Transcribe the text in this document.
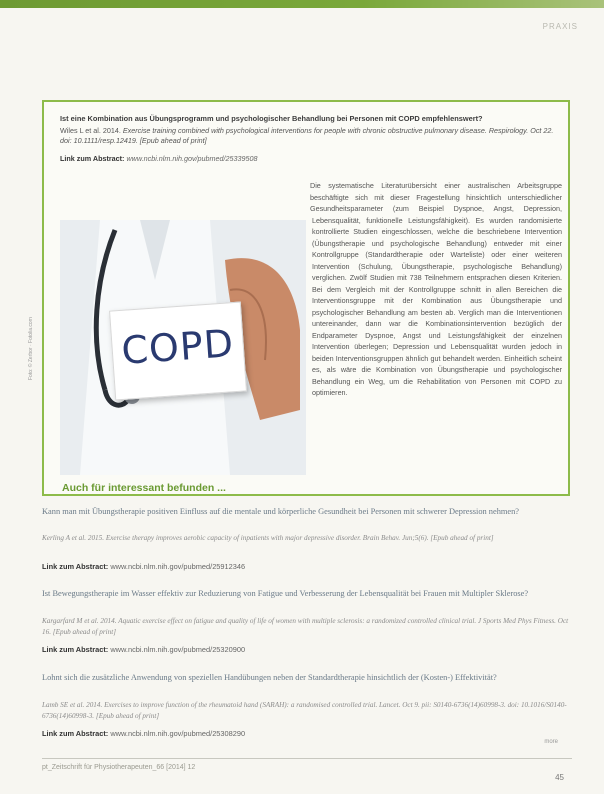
PRAXIS
Ist eine Kombination aus Übungsprogramm und psychologischer Behandlung bei Personen mit COPD empfehlenswert?
Wiles L et al. 2014. Exercise training combined with psychological interventions for people with chronic obstructive pulmonary disease. Respirology. Oct 22. doi: 10.1111/resp.12419. [Epub ahead of print]
Link zum Abstract: www.ncbi.nlm.nih.gov/pubmed/25339508
Die systematische Literaturübersicht einer australischen Arbeitsgruppe beschäftigte sich mit dieser Fragestellung hinsichtlich unterschiedlicher Gesundheitsparameter (zum Beispiel Dyspnoe, Angst, Depression, Lebensqualität, funktionelle Leistungsfähigkeit). Es wurden randomisierte kontrollierte Studien eingeschlossen, welche die beschriebene Intervention (Übungstherapie und psychologische Behandlung) entweder mit einer Kontrollgruppe (Standardtherapie oder Warteliste) oder einer weiteren Intervention (Schulung, Übungstherapie, psychologische Behandlung) verglichen. Zwölf Studien mit 738 Teilnehmern entsprachen diesen Kriterien. Bei dem Vergleich mit der Kontrollgruppe schnitt in allen Bereichen die Interventionsgruppe mit der Kombination aus Übungstherapie und psychologischer Behandlung am besten ab. Verglich man die Interventionen untereinander, dann war die Kombinationsintervention bezüglich der Endparameter Dyspnoe, Angst und Leistungsfähigkeit der einzelnen Intervention überlegen; Depression und Lebensqualität wurden jedoch in beiden Interventionsgruppen ähnlich gut behandelt werden. Einheitlich scheint es, als wäre die Kombination von Übungstherapie und psychologischer Behandlung ein Weg, um die Rehabilitation von Personen mit COPD zu optimieren.
COPD
Foto: © Zerbor · Fotolia.com
Auch für interessant befunden ...
Kann man mit Übungstherapie positiven Einfluss auf die mentale und körperliche Gesundheit bei Personen mit schwerer Depression nehmen?
Kerling A et al. 2015. Exercise therapy improves aerobic capacity of inpatients with major depressive disorder. Brain Behav. Jun;5(6). [Epub ahead of print]
Link zum Abstract: www.ncbi.nlm.nih.gov/pubmed/25912346
Ist Bewegungstherapie im Wasser effektiv zur Reduzierung von Fatigue und Verbesserung der Lebensqualität bei Frauen mit Multipler Sklerose?
Kargarfard M et al. 2014. Aquatic exercise effect on fatigue and quality of life of women with multiple sclerosis: a randomized controlled clinical trial. J Sports Med Phys Fitness. Oct 16. [Epub ahead of print]
Link zum Abstract: www.ncbi.nlm.nih.gov/pubmed/25320900
Lohnt sich die zusätzliche Anwendung von speziellen Handübungen neben der Standardtherapie hinsichtlich der (Kosten-) Effektivität?
Lamb SE et al. 2014. Exercises to improve function of the rheumatoid hand (SARAH): a randomised controlled trial. Lancet. Oct 9. pii: S0140-6736(14)60998-3. doi: 10.1016/S0140-6736(14)60998-3. [Epub ahead of print]
Link zum Abstract: www.ncbi.nlm.nih.gov/pubmed/25308290
more
pt_Zeitschrift für Physiotherapeuten_66 [2014] 12
45
